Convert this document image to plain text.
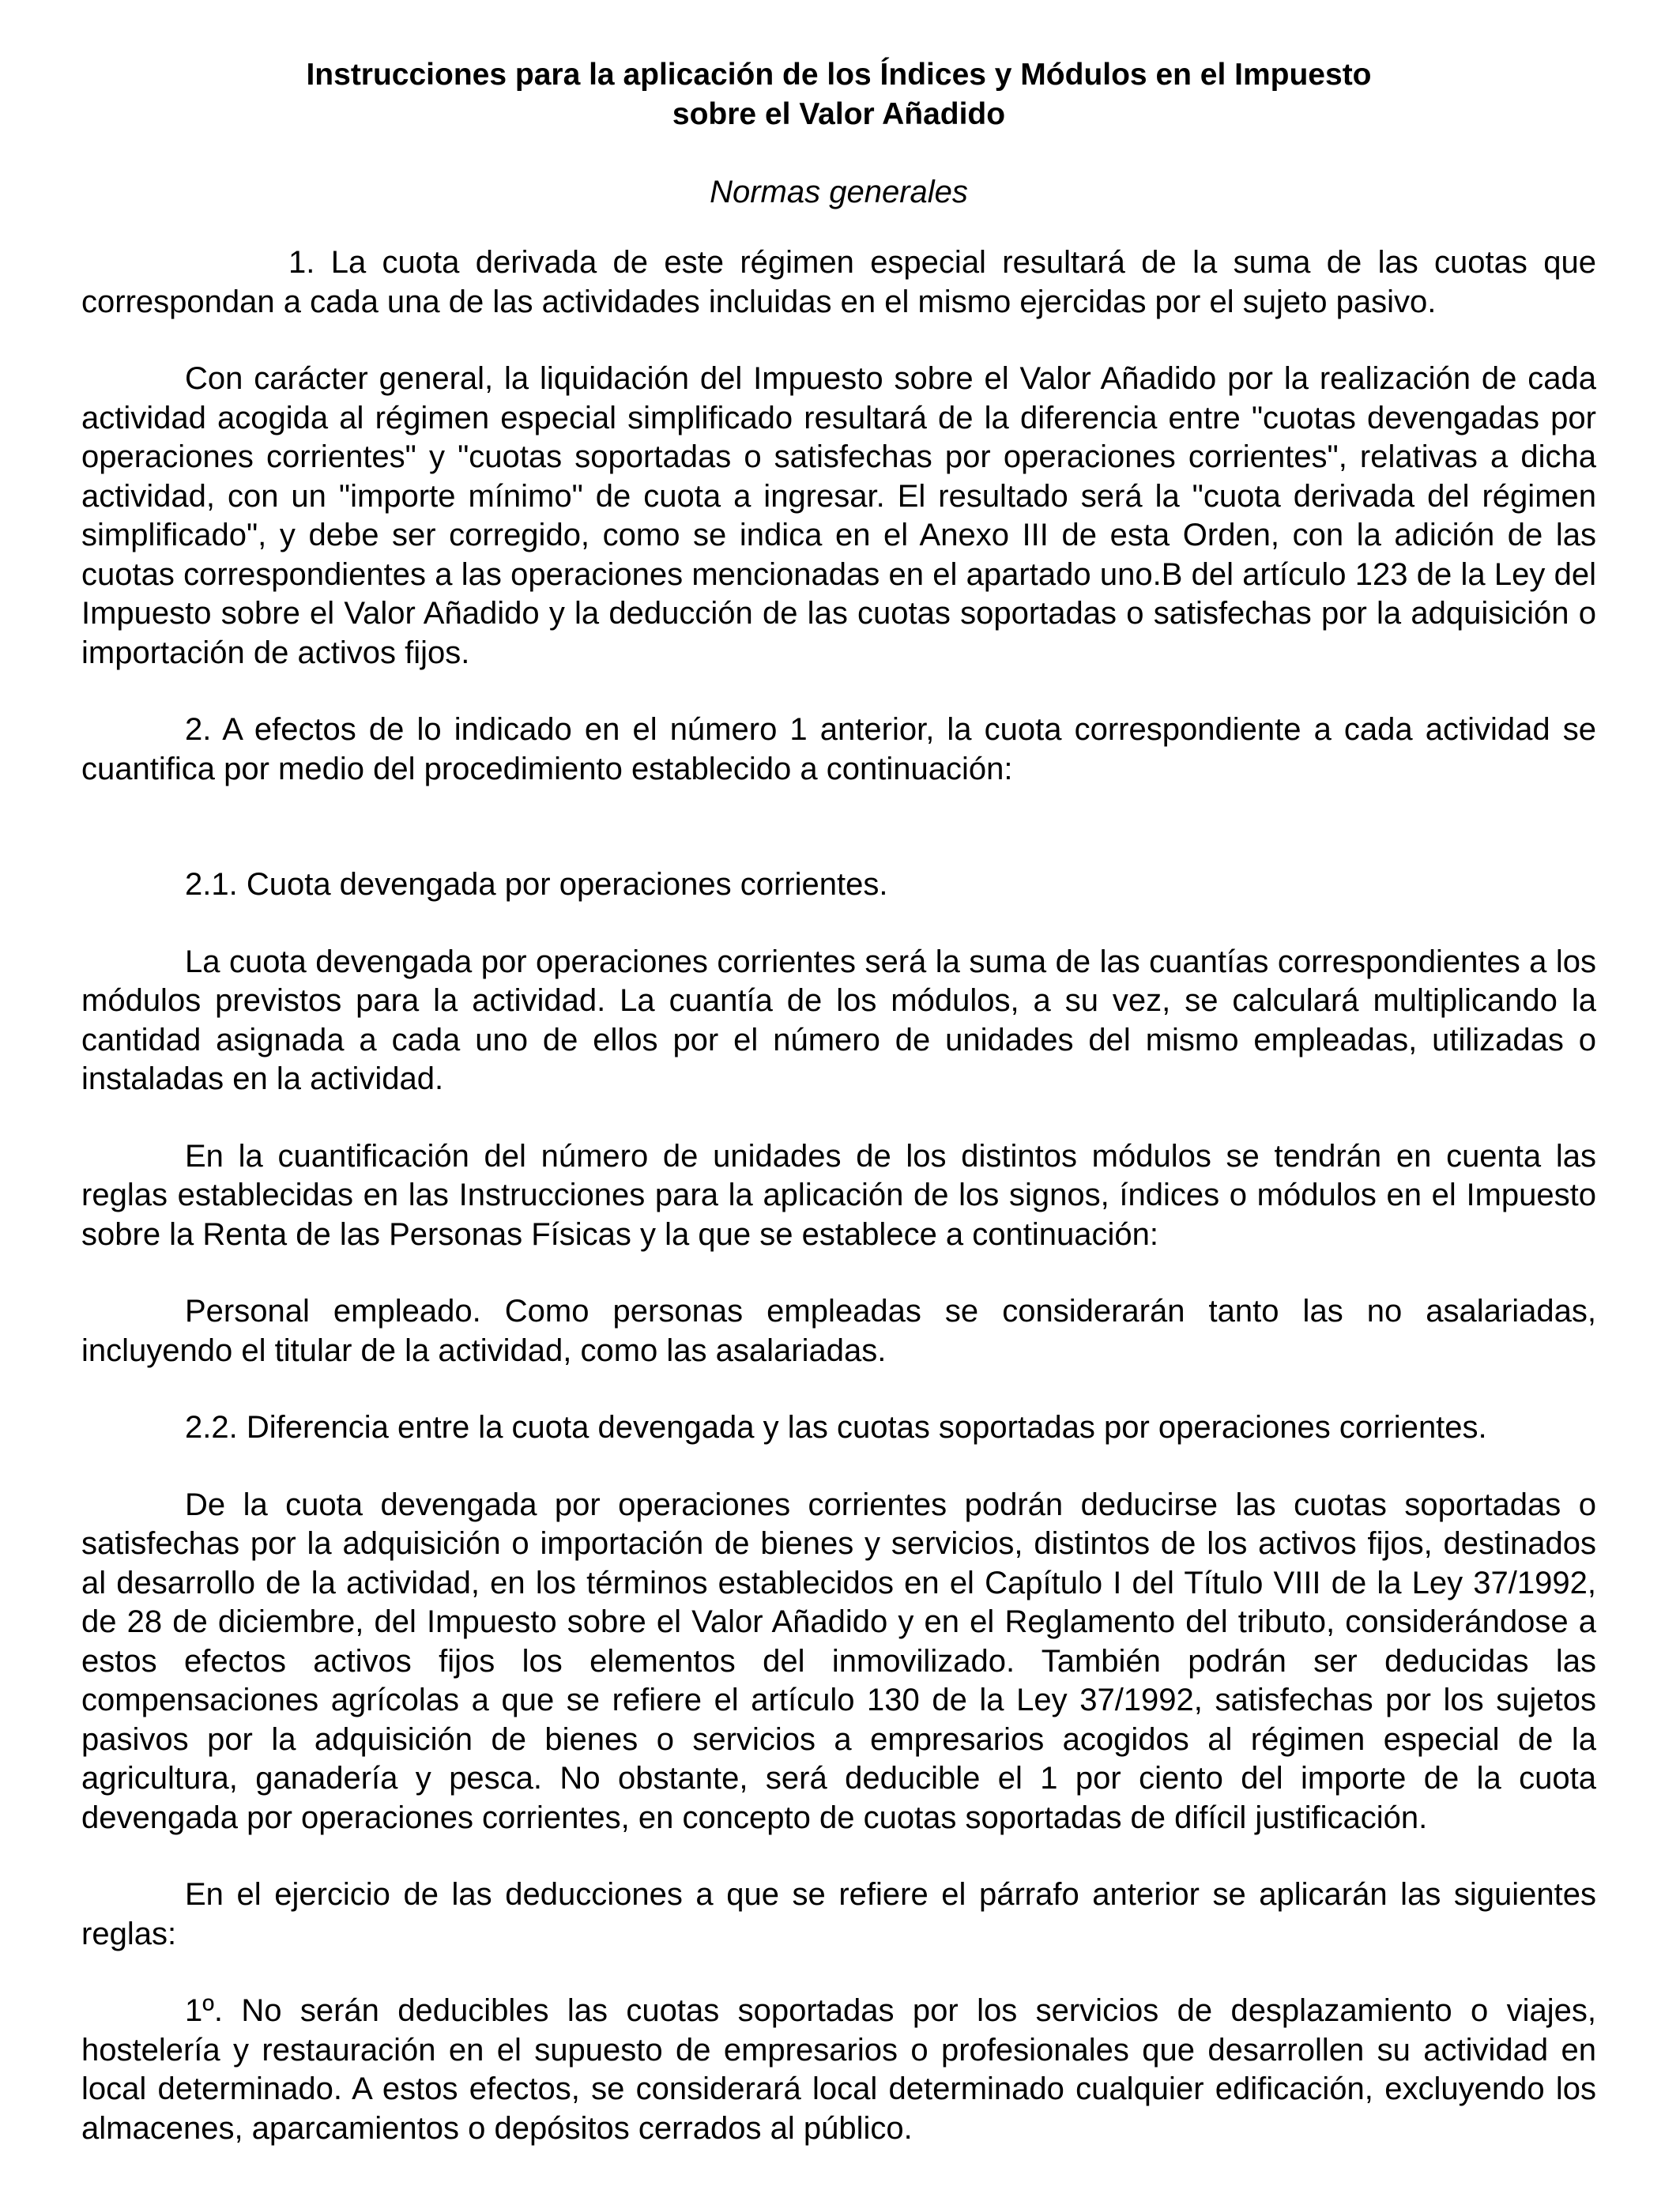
Instrucciones para la aplicación de los Índices y Módulos en el Impuesto
sobre el Valor Añadido

Normas generales

1. La cuota derivada de este régimen especial resultará de la suma de las cuotas que correspondan a cada una de las actividades incluidas en el mismo ejercidas por el sujeto pasivo.

Con carácter general, la liquidación del Impuesto sobre el Valor Añadido por la realización de cada actividad acogida al régimen especial simplificado resultará de la diferencia entre "cuotas devengadas por operaciones corrientes" y "cuotas soportadas o satisfechas por operaciones corrientes", relativas a dicha actividad, con un "importe mínimo" de cuota a ingresar. El resultado será la "cuota derivada del régimen simplificado", y debe ser corregido, como se indica en el Anexo III de esta Orden, con la adición de las cuotas correspondientes a las operaciones mencionadas en el apartado uno.B del artículo 123 de la Ley del Impuesto sobre el Valor Añadido y la deducción de las cuotas soportadas o satisfechas por la adquisición o importación de activos fijos.

2. A efectos de lo indicado en el número 1 anterior, la cuota correspondiente a cada actividad se cuantifica por medio del procedimiento establecido a continuación:

2.1. Cuota devengada por operaciones corrientes.

La cuota devengada por operaciones corrientes será la suma de las cuantías correspondientes a los módulos previstos para la actividad. La cuantía de los módulos, a su vez, se calculará multiplicando la cantidad asignada a cada uno de ellos por el número de unidades del mismo empleadas, utilizadas o instaladas en la actividad.

En la cuantificación del número de unidades de los distintos módulos se tendrán en cuenta las reglas establecidas en las Instrucciones para la aplicación de los signos, índices o módulos en el Impuesto sobre la Renta de las Personas Físicas y la que se establece a continuación:

Personal empleado. Como personas empleadas se considerarán tanto las no asalariadas, incluyendo el titular de la actividad, como las asalariadas.

2.2. Diferencia entre la cuota devengada y las cuotas soportadas por operaciones corrientes.

De la cuota devengada por operaciones corrientes podrán deducirse las cuotas soportadas o satisfechas por la adquisición o importación de bienes y servicios, distintos de los activos fijos, destinados al desarrollo de la actividad, en los términos establecidos en el Capítulo I del Título VIII de la Ley 37/1992, de 28 de diciembre, del Impuesto sobre el Valor Añadido y en el Reglamento del tributo, considerándose a estos efectos activos fijos los elementos del inmovilizado. También podrán ser deducidas las compensaciones agrícolas a que se refiere el artículo 130 de la Ley 37/1992, satisfechas por los sujetos pasivos por la adquisición de bienes o servicios a empresarios acogidos al régimen especial de la agricultura, ganadería y pesca. No obstante, será deducible el 1 por ciento del importe de la cuota devengada por operaciones corrientes, en concepto de cuotas soportadas de difícil justificación.

En el ejercicio de las deducciones a que se refiere el párrafo anterior se aplicarán las siguientes reglas:

1º. No serán deducibles las cuotas soportadas por los servicios de desplazamiento o viajes, hostelería y restauración en el supuesto de empresarios o profesionales que desarrollen su actividad en local determinado. A estos efectos, se considerará local determinado cualquier edificación, excluyendo los almacenes, aparcamientos o depósitos cerrados al público.
